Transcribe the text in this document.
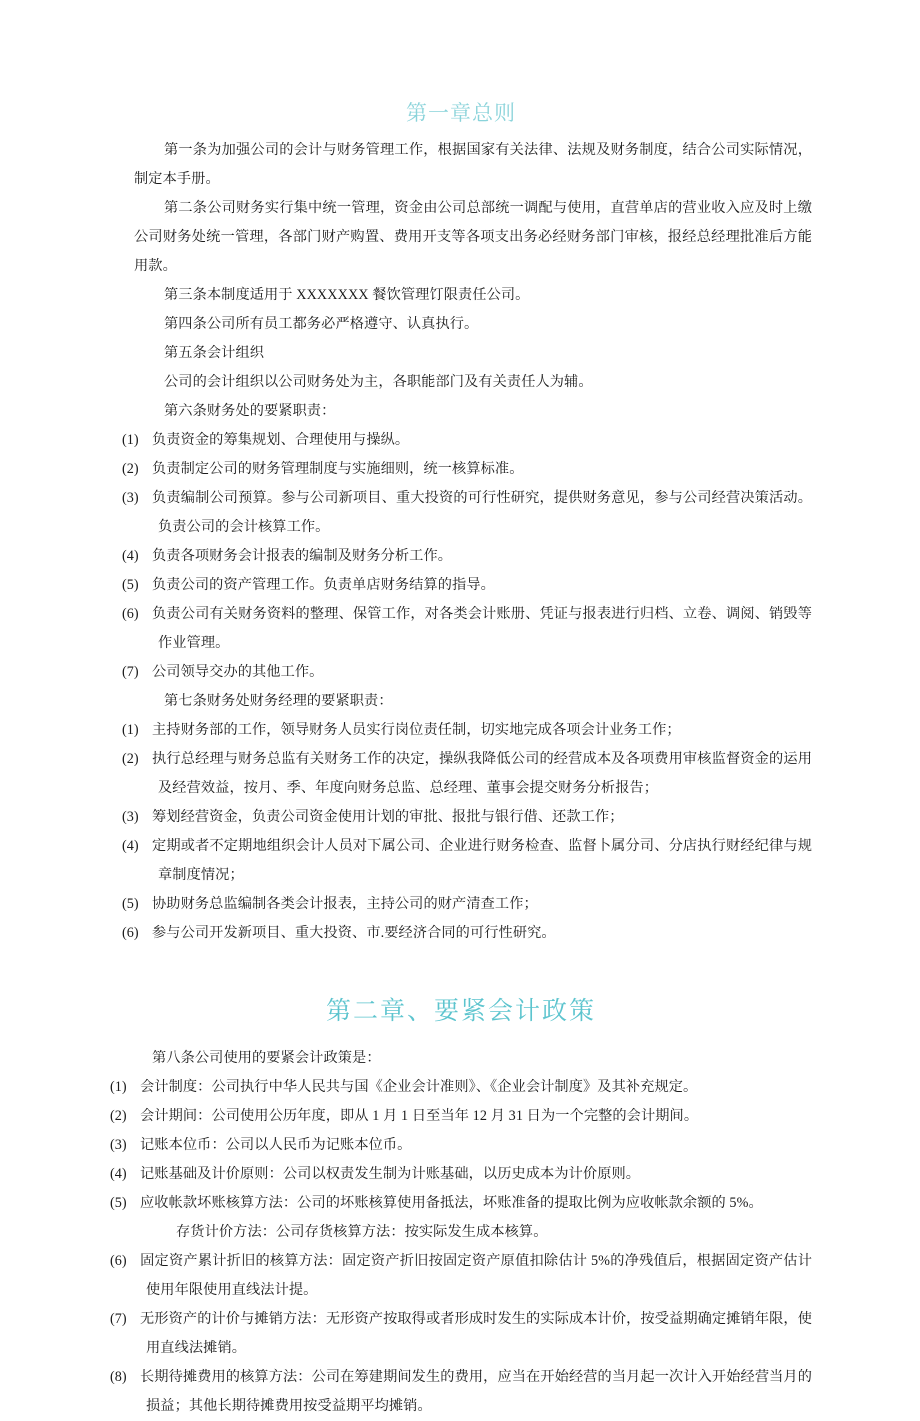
第一章总则

第一条为加强公司的会计与财务管理工作，根据国家有关法律、法规及财务制度，结合公司实际情况，制定本手册。

第二条公司财务实行集中统一管理，资金由公司总部统一调配与使用，直营单店的营业收入应及时上缴公司财务处统一管理，各部门财产购置、费用开支等各项支出务必经财务部门审核，报经总经理批准后方能用款。

第三条本制度适用于 XXXXXXX 餐饮管理饤限责任公司。

第四条公司所有员工都务必严格遵守、认真执行。

第五条会计组织

公司的会计组织以公司财务处为主，各职能部门及有关责任人为辅。

第六条财务处的要紧职责：

(1) 负责资金的筹集规划、合理使用与操纵。

(2) 负责制定公司的财务管理制度与实施细则，统一核算标准。

(3) 负责编制公司预算。参与公司新项目、重大投资的可行性研究，提供财务意见，参与公司经营决策活动。负责公司的会计核算工作。

(4) 负责各项财务会计报表的编制及财务分析工作。

(5) 负责公司的资产管理工作。负责单店财务结算的指导。

(6) 负责公司有关财务资料的整理、保管工作，对各类会计账册、凭证与报表进行归档、立卷、调阅、销毁等作业管理。

(7) 公司领导交办的其他工作。

第七条财务处财务经理的要紧职责：

(1) 主持财务部的工作，领导财务人员实行岗位责任制，切实地完成各项会计业务工作；

(2) 执行总经理与财务总监有关财务工作的决定，操纵我降低公司的经营成本及各项费用审核监督资金的运用及经营效益，按月、季、年度向财务总监、总经理、董事会提交财务分析报告；

(3) 筹划经营资金，负责公司资金使用计划的审批、报批与银行借、还款工作；

(4) 定期或者不定期地组织会计人员对下属公司、企业进行财务检查、监督卜属分司、分店执行财经纪律与规章制度情况；

(5) 协助财务总监编制各类会计报表，主持公司的财产清查工作；

(6) 参与公司开发新项目、重大投资、市.要经济合同的可行性研究。

第二章、要紧会计政策

第八条公司使用的要紧会计政策是：

(1) 会计制度：公司执行中华人民共与国《企业会计准则》、《企业会计制度》及其补充规定。

(2) 会计期间：公司使用公历年度，即从 1 月 1 日至当年 12 月 31 日为一个完整的会计期间。

(3) 记账本位币：公司以人民币为记账本位币。

(4) 记账基础及计价原则：公司以权责发生制为计账基础，以历史成本为计价原则。

(5) 应收帐款坏账核算方法：公司的坏账核算使用备抵法，坏账准备的提取比例为应收帐款余额的 5%。

存货计价方法：公司存货核算方法：按实际发生成本核算。

(6) 固定资产累计折旧的核算方法：固定资产折旧按固定资产原值扣除估计 5%的净残值后，根据固定资产估计使用年限使用直线法计提。

(7) 无形资产的计价与摊销方法：无形资产按取得或者形成时发生的实际成本计价，按受益期确定摊销年限，使用直线法摊销。

(8) 长期待摊费用的核算方法：公司在筹建期间发生的费用，应当在开始经营的当月起一次计入开始经营当月的损益；其他长期待摊费用按受益期平均摊销。
